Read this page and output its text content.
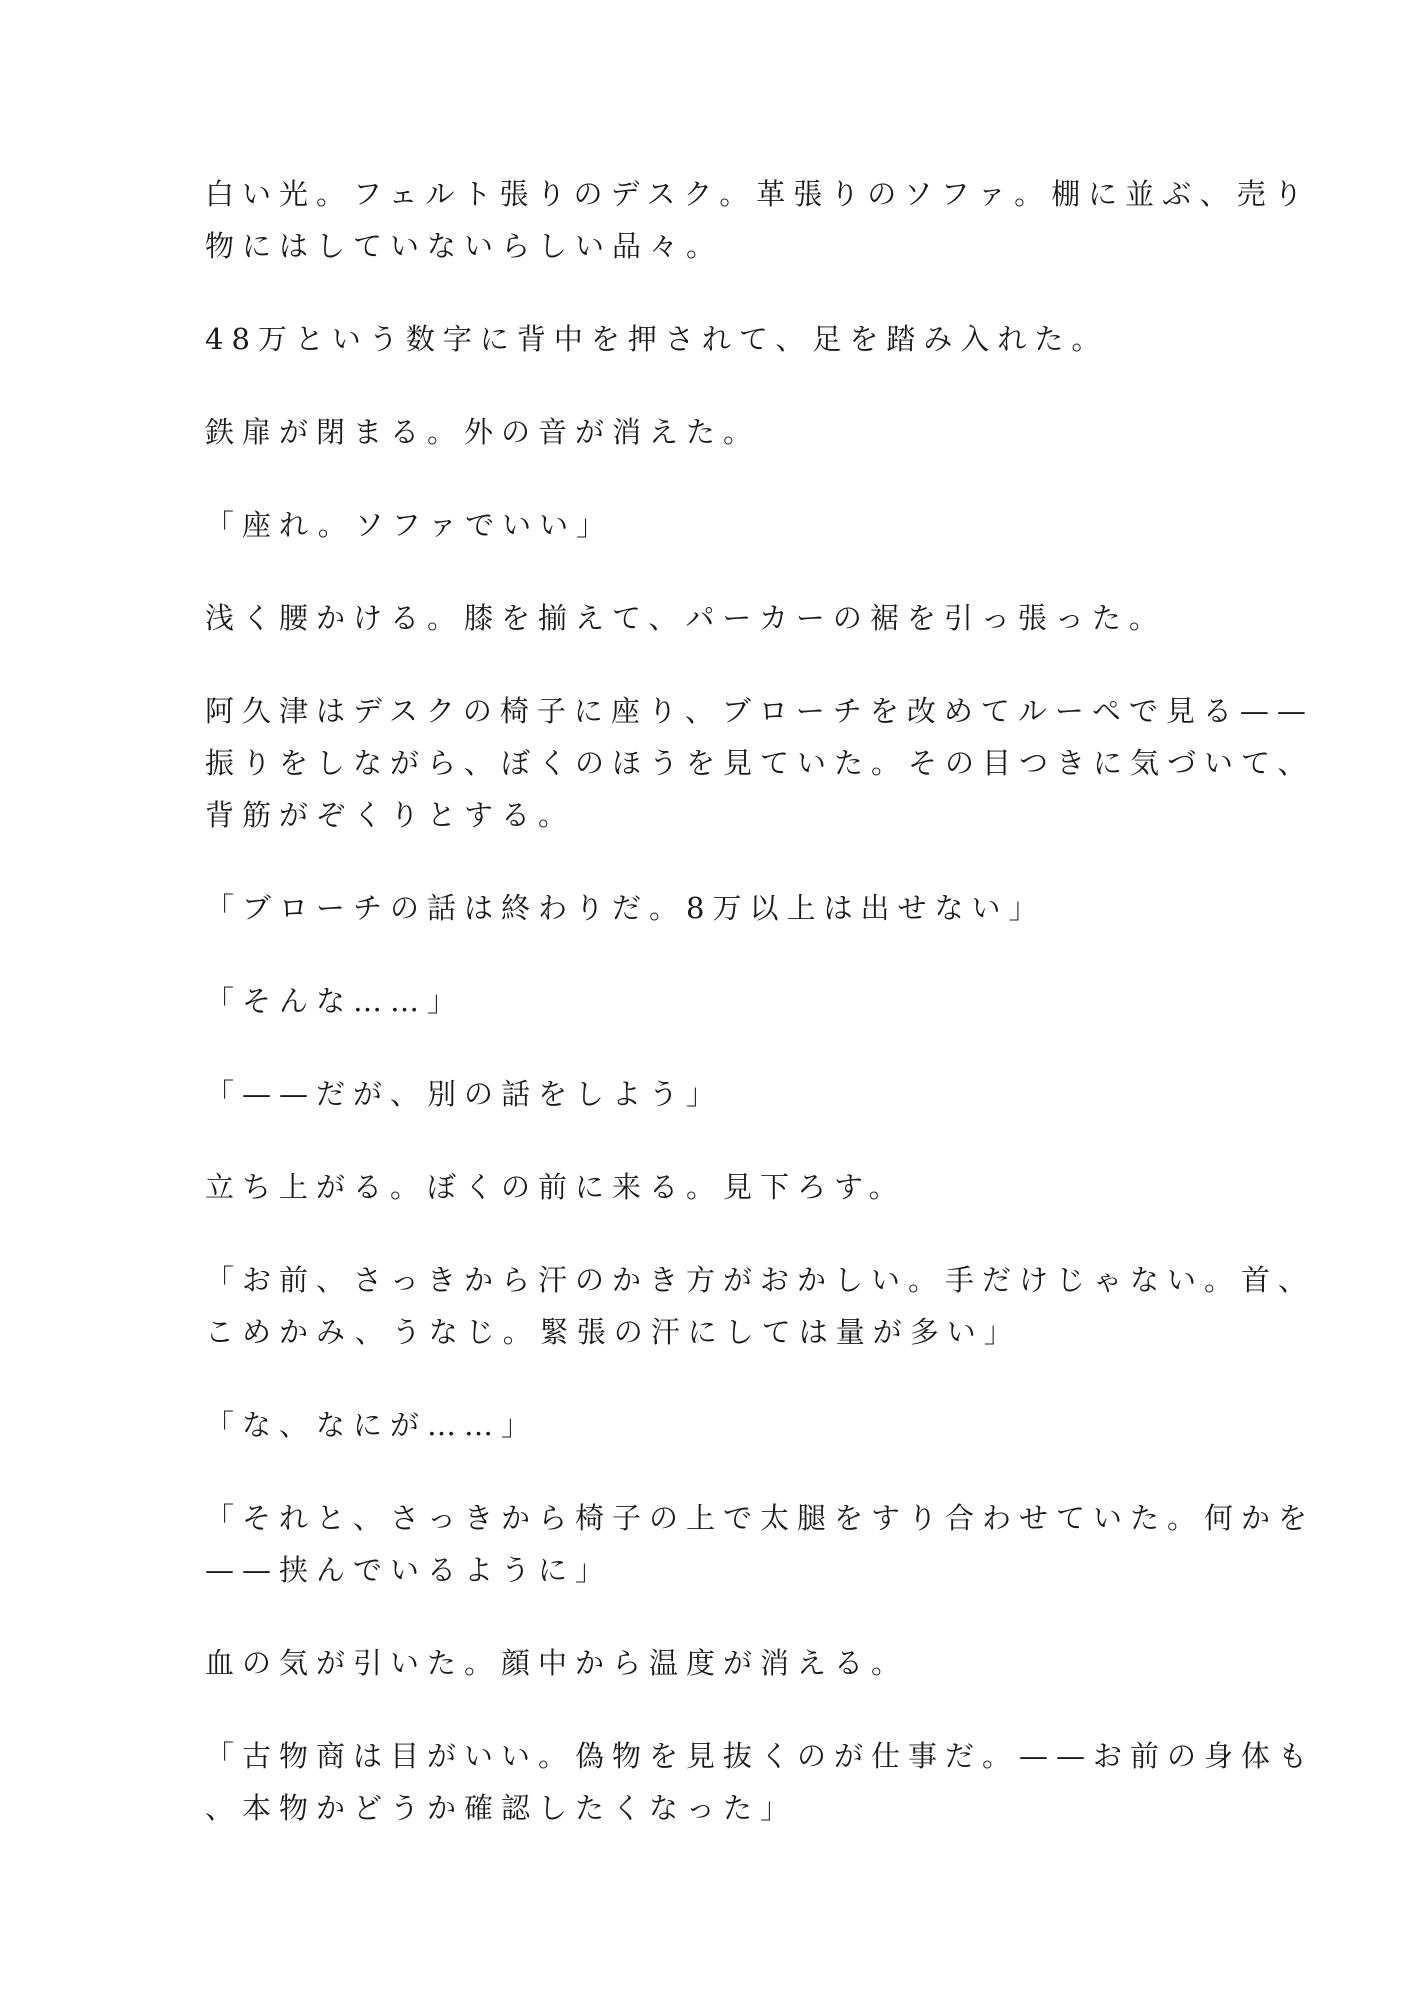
白い光。フェルト張りのデスク。革張りのソファ。棚に並ぶ、売り
物にはしていないらしい品々。

48万という数字に背中を押されて、足を踏み入れた。

鉄扉が閉まる。外の音が消えた。

「座れ。ソファでいい」

浅く腰かける。膝を揃えて、パーカーの裾を引っ張った。

阿久津はデスクの椅子に座り、ブローチを改めてルーペで見る——
振りをしながら、ぼくのほうを見ていた。その目つきに気づいて、
背筋がぞくりとする。

「ブローチの話は終わりだ。8万以上は出せない」

「そんな……」

「——だが、別の話をしよう」

立ち上がる。ぼくの前に来る。見下ろす。

「お前、さっきから汗のかき方がおかしい。手だけじゃない。首、
こめかみ、うなじ。緊張の汗にしては量が多い」

「な、なにが……」

「それと、さっきから椅子の上で太腿をすり合わせていた。何かを
——挟んでいるように」

血の気が引いた。顔中から温度が消える。

「古物商は目がいい。偽物を見抜くのが仕事だ。——お前の身体も
、本物かどうか確認したくなった」
